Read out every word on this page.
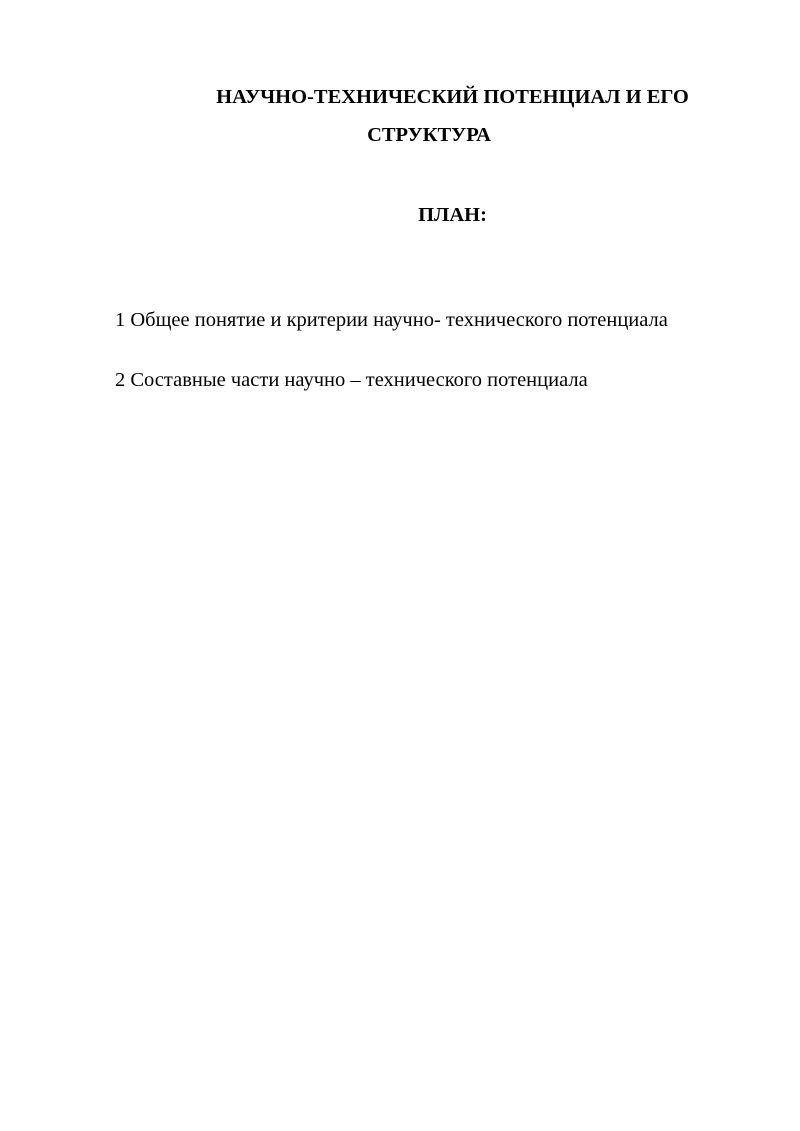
НАУЧНО-ТЕХНИЧЕСКИЙ ПОТЕНЦИАЛ И ЕГО
СТРУКТУРА
ПЛАН:
1 Общее понятие и критерии научно- технического потенциала
2 Составные части научно – технического потенциала
